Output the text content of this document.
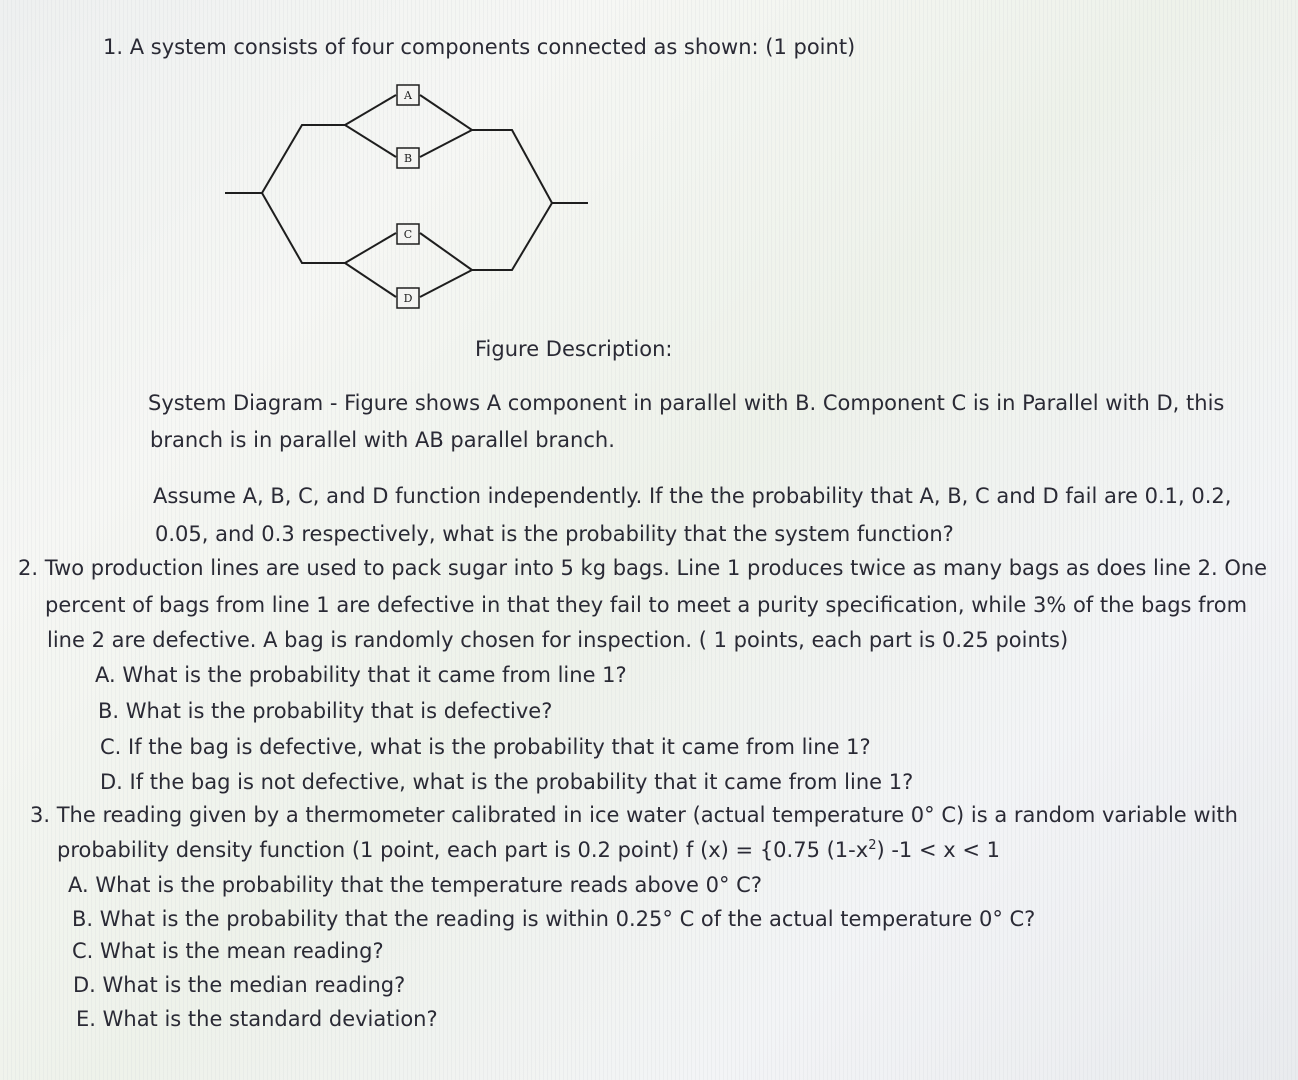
1. A system consists of four components connected as shown: (1 point)
A
B
C
D
Figure Description:
System Diagram - Figure shows A component in parallel with B. Component C is in Parallel with D, this
branch is in parallel with AB parallel branch.
Assume A, B, C, and D function independently. If the the probability that A, B, C and D fail are 0.1, 0.2,
0.05, and 0.3 respectively, what is the probability that the system function?
2. Two production lines are used to pack sugar into 5 kg bags. Line 1 produces twice as many bags as does line 2. One
percent of bags from line 1 are defective in that they fail to meet a purity specification, while 3% of the bags from
line 2 are defective. A bag is randomly chosen for inspection. ( 1 points, each part is 0.25 points)
A. What is the probability that it came from line 1?
B. What is the probability that is defective?
C. If the bag is defective, what is the probability that it came from line 1?
D. If the bag is not defective, what is the probability that it came from line 1?
3. The reading given by a thermometer calibrated in ice water (actual temperature 0° C) is a random variable with
probability density function (1 point, each part is 0.2 point) f (x) = {0.75 $(1-x^2) -1 < x < 1$
A. What is the probability that the temperature reads above 0° C?
B. What is the probability that the reading is within 0.25° C of the actual temperature 0° C?
C. What is the mean reading?
D. What is the median reading?
E. What is the standard deviation?
